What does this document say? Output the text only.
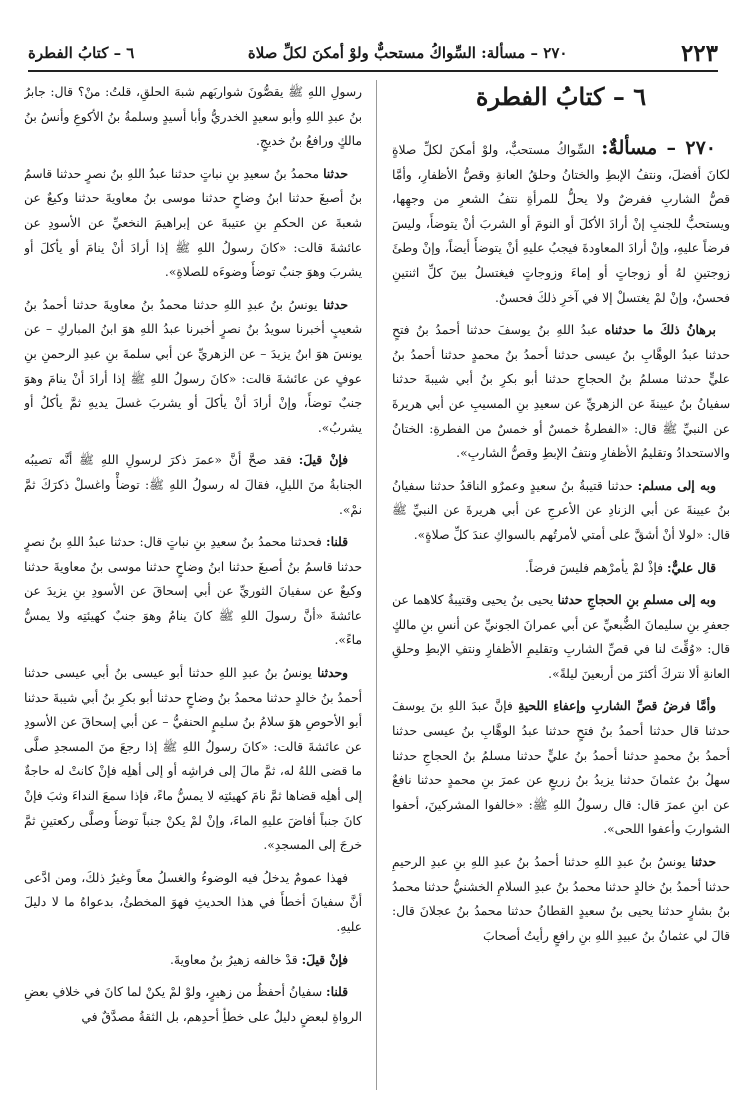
٢٢٣
٢٧٠ – مسألة: السِّواكُ مستحبٌّ ولوْ أمكنَ لكلِّ صلاة
٦ – كتابُ الفطرة
٦ – كتابُ الفطرة

٢٧٠ – مسألةٌ: السِّواكُ مستحبٌّ، ولوْ أمكنَ لكلِّ صلاةٍ لكانَ أفضلَ، ونتفُ الإبطِ والختانُ وحلقُ العانةِ وقصُّ الأظفارِ، وأمَّا قصُّ الشاربِ ففرضٌ ولا يحلُّ للمرأةِ نتفُ الشعرِ من وجهِها، ويستحبُّ للجنبِ إنْ أرادَ الأكلَ أو النومَ أو الشربَ أنْ يتوضأَ، وليسَ فرضاً عليهِ، وإنْ أرادَ المعاودةَ فيجبُ عليهِ أنْ يتوضأَ أيضاً، وإنْ وطئَ زوجتينِ لهُ أو زوجاتٍ أو إماءَ وزوجاتٍ فيغتسلُ بينَ كلِّ اثنتينِ فحسنٌ، وإنْ لمْ يغتسلْ إلا في آخرِ ذلكَ فحسنٌ.

برهانُ ذلكَ ما حدثناه عبدُ اللهِ بنُ يوسفَ حدثنا أحمدُ بنُ فتحٍ حدثنا عبدُ الوهَّابِ بنُ عيسى حدثنا أحمدُ بنُ محمدٍ حدثنا أحمدُ بنُ عليٍّ حدثنا مسلمُ بنُ الحجاجِ حدثنا أبو بكرِ بنُ أبي شيبةَ حدثنا سفيانُ بنُ عيينةَ عن الزهريِّ عن سعيدِ بنِ المسيبِ عن أبي هريرةَ عن النبيِّ ﷺ قال: «الفطرةُ خمسٌ أو خمسٌ من الفطرةِ: الختانُ والاستحدادُ وتقليمُ الأظفارِ ونتفُ الإبطِ وقصُّ الشاربِ».

وبه إلى مسلم: حدثنا قتيبةُ بنُ سعيدٍ وعمرٌو الناقدُ حدثنا سفيانُ بنُ عيينةَ عن أبي الزنادِ عن الأعرجِ عن أبي هريرةَ عن النبيِّ ﷺ قال: «لولا أنْ أشقَّ على أمتي لأمرتُهم بالسواكِ عندَ كلِّ صلاةٍ».

قال عليٌّ: فإذْ لمْ يأمرْهم فليسَ فرضاً.

وبه إلى مسلمِ بنِ الحجاجِ حدثنا يحيى بنُ يحيى وقتيبةُ كلاهما عن جعفرِ بنِ سليمانَ الضُّبعيِّ عن أبي عمرانَ الجونيِّ عن أنسِ بنِ مالكٍ قال: «وُقِّتَ لنا في قصِّ الشاربِ وتقليمِ الأظفارِ ونتفِ الإبطِ وحلقِ العانةِ ألا نتركَ أكثرَ من أربعينَ ليلةً».

وأمَّا فرضُ قصِّ الشاربِ وإعفاءِ اللحيةِ فإنَّ عبدَ اللهِ بنَ يوسفَ حدثنا قال حدثنا أحمدُ بنُ فتحٍ حدثنا عبدُ الوهَّابِ بنُ عيسى حدثنا أحمدُ بنُ محمدٍ حدثنا أحمدُ بنُ عليٍّ حدثنا مسلمُ بنُ الحجاجِ حدثنا سهلُ بنُ عثمانَ حدثنا يزيدُ بنُ زريعٍ عن عمرَ بنِ محمدٍ حدثنا نافعٌ عن ابنِ عمرَ قال: قال رسولُ اللهِ ﷺ: «خالفوا المشركينَ، أحفوا الشواربَ وأعفوا اللحى».

حدثنا يونسُ بنُ عبدِ اللهِ حدثنا أحمدُ بنُ عبدِ اللهِ بنِ عبدِ الرحيمِ حدثنا أحمدُ بنُ خالدٍ حدثنا محمدُ بنُ عبدِ السلامِ الخشنيُّ حدثنا محمدُ بنُ بشارٍ حدثنا يحيى بنُ سعيدٍ القطانُ حدثنا محمدُ بنُ عجلانَ قال: قالَ لي عثمانُ بنُ عبيدِ اللهِ بنِ رافعٍ رأيتُ أصحابَ

رسولِ اللهِ ﷺ يقصُّونَ شواربَهم شبهَ الحلقِ، قلتُ: منْ؟ قال: جابرُ بنُ عبدِ اللهِ وأبو سعيدٍ الخدريُّ وأبا أسيدٍ وسلمةُ بنُ الأكوعِ وأنسُ بنُ مالكٍ ورافعُ بنُ خديجٍ.

حدثنا محمدُ بنُ سعيدِ بنِ نباتٍ حدثنا عبدُ اللهِ بنُ نصرٍ حدثنا قاسمُ بنُ أصبغَ حدثنا ابنُ وضاحٍ حدثنا موسى بنُ معاويةَ حدثنا وكيعٌ عن شعبةَ عن الحكمِ بنِ عتيبةَ عن إبراهيمَ النخعيِّ عن الأسودِ عن عائشةَ قالت: «كانَ رسولُ اللهِ ﷺ إذا أرادَ أنْ ينامَ أو يأكلَ أو يشربَ وهوَ جنبٌ توضأَ وضوءَه للصلاةِ».

حدثنا يونسُ بنُ عبدِ اللهِ حدثنا محمدُ بنُ معاويةَ حدثنا أحمدُ بنُ شعيبٍ أخبرنا سويدُ بنُ نصرٍ أخبرنا عبدُ اللهِ هوَ ابنُ المباركِ – عن يونسَ هوَ ابنُ يزيدَ – عن الزهريِّ عن أبي سلمةَ بنِ عبدِ الرحمنِ بنِ عوفٍ عن عائشةَ قالت: «كانَ رسولُ اللهِ ﷺ إذا أرادَ أنْ ينامَ وهوَ جنبٌ توضأَ، وإنْ أرادَ أنْ يأكلَ أو يشربَ غسلَ يديهِ ثمَّ يأكلُ أو يشربُ».

فإنْ قيلَ: فقد صحَّ أنَّ «عمرَ ذكرَ لرسولِ اللهِ ﷺ أنَّه تصيبُه الجنابةُ منَ الليلِ، فقالَ له رسولُ اللهِ ﷺ: توضأْ واغسلْ ذكرَكَ ثمَّ نمْ».

قلنا: فحدثنا محمدُ بنُ سعيدِ بنِ نباتٍ قال: حدثنا عبدُ اللهِ بنُ نصرٍ حدثنا قاسمُ بنُ أصبغَ حدثنا ابنُ وضاحٍ حدثنا موسى بنُ معاويةَ حدثنا وكيعٌ عن سفيانَ الثوريِّ عن أبي إسحاقَ عن الأسودِ بنِ يزيدَ عن عائشةَ «أنَّ رسولَ اللهِ ﷺ كانَ ينامُ وهوَ جنبٌ كهيئتِه ولا يمسُّ ماءً».

وحدثنا يونسُ بنُ عبدِ اللهِ حدثنا أبو عيسى بنُ أبي عيسى حدثنا أحمدُ بنُ خالدٍ حدثنا محمدُ بنُ وضاحٍ حدثنا أبو بكرِ بنُ أبي شيبةَ حدثنا أبو الأحوصِ هوَ سلامُ بنُ سليمٍ الحنفيُّ – عن أبي إسحاقَ عن الأسودِ عن عائشةَ قالت: «كانَ رسولُ اللهِ ﷺ إذا رجعَ منَ المسجدِ صلَّى ما قضى اللهُ له، ثمَّ مالَ إلى فراشِه أو إلى أهلِه فإنْ كانتْ له حاجةٌ إلى أهلِه قضاها ثمَّ نامَ كهيئتِه لا يمسُّ ماءً، فإذا سمعَ النداءَ وثبَ فإنْ كانَ جنباً أفاضَ عليهِ الماءَ، وإنْ لمْ يكنْ جنباً توضأَ وصلَّى ركعتينِ ثمَّ خرجَ إلى المسجدِ».

فهذا عمومٌ يدخلُ فيه الوضوءُ والغسلُ معاً وغيرُ ذلكَ، ومن ادَّعى أنَّ سفيانَ أخطأَ في هذا الحديثِ فهوَ المخطئُ، بدعواهُ ما لا دليلَ عليهِ.

فإنْ قيلَ: قدْ خالفه زهيرُ بنُ معاويةَ.

قلنا: سفيانُ أحفظُ من زهيرٍ، ولوْ لمْ يكنْ لما كانَ في خلافِ بعضِ الرواةِ لبعضٍ دليلٌ على خطأِ أحدِهم، بل الثقةُ مصدَّقٌ في
